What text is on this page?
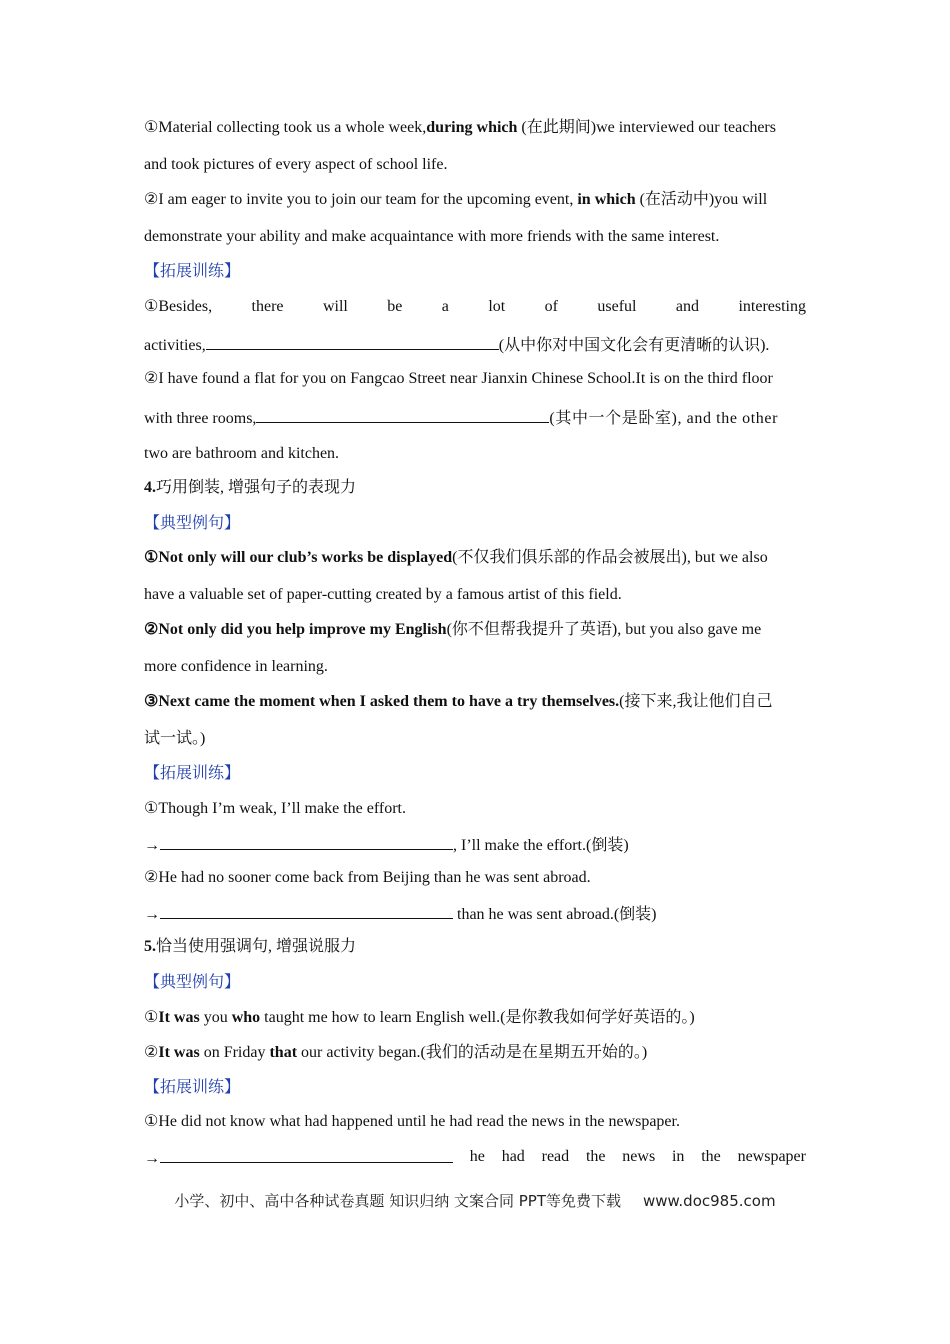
①Material collecting took us a whole week,during which (在此期间)we interviewed our teachers
and took pictures of every aspect of school life.
②I am eager to invite you to join our team for the upcoming event, in which (在活动中)you will
demonstrate your ability and make acquaintance with more friends with the same interest.
【拓展训练】
①Besides, there will be a lot of useful and interesting
activities,	(从中你对中国文化会有更清晰的认识).
②I have found a flat for you on Fangcao Street near Jianxin Chinese School.It is on the third floor
with three rooms,	(其中一个是卧室), and the other
two are bathroom and kitchen.
4.巧用倒装, 增强句子的表现力
【典型例句】
①Not only will our club’s works be displayed(不仅我们俱乐部的作品会被展出), but we also
have a valuable set of paper-cutting created by a famous artist of this field.
②Not only did you help improve my English(你不但帮我提升了英语), but you also gave me
more confidence in learning.
③Next came the moment when I asked them to have a try themselves.(接下来,我让他们自己
试一试。)
【拓展训练】
①Though I’m weak, I’ll make the effort.
→	, I’ll make the effort.(倒装)
②He had no sooner come back from Beijing than he was sent abroad.
→	than he was sent abroad.(倒装)
5.恰当使用强调句, 增强说服力
【典型例句】
①It was you who taught me how to learn English well.(是你教我如何学好英语的。)
②It was on Friday that our activity began.(我们的活动是在星期五开始的。)
【拓展训练】
①He did not know what had happened until he had read the news in the newspaper.
→	he had read the news in the newspaper
小学、初中、高中各种试卷真题 知识归纳 文案合同 PPT等免费下载 www.doc985.com
